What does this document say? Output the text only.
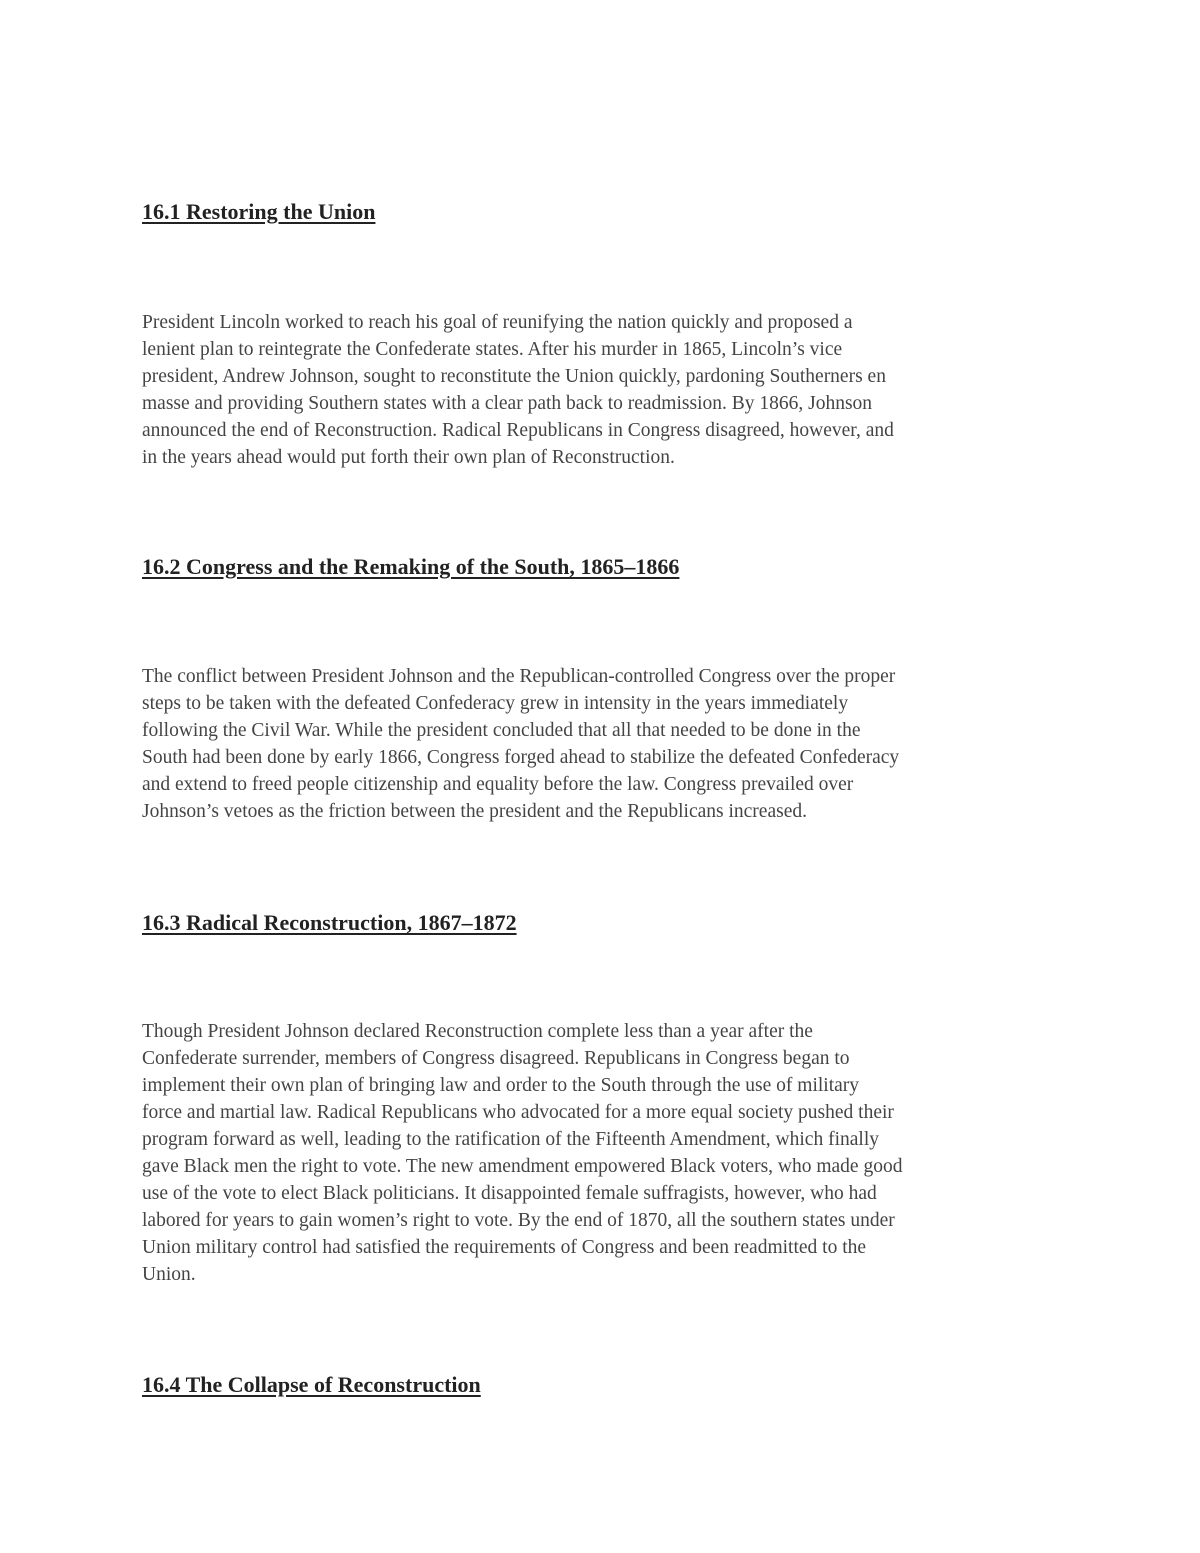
16.1 Restoring the Union
President Lincoln worked to reach his goal of reunifying the nation quickly and proposed a
lenient plan to reintegrate the Confederate states. After his murder in 1865, Lincoln’s vice
president, Andrew Johnson, sought to reconstitute the Union quickly, pardoning Southerners en
masse and providing Southern states with a clear path back to readmission. By 1866, Johnson
announced the end of Reconstruction. Radical Republicans in Congress disagreed, however, and
in the years ahead would put forth their own plan of Reconstruction.
16.2 Congress and the Remaking of the South, 1865–1866
The conflict between President Johnson and the Republican-controlled Congress over the proper
steps to be taken with the defeated Confederacy grew in intensity in the years immediately
following the Civil War. While the president concluded that all that needed to be done in the
South had been done by early 1866, Congress forged ahead to stabilize the defeated Confederacy
and extend to freed people citizenship and equality before the law. Congress prevailed over
Johnson’s vetoes as the friction between the president and the Republicans increased.
16.3 Radical Reconstruction, 1867–1872
Though President Johnson declared Reconstruction complete less than a year after the
Confederate surrender, members of Congress disagreed. Republicans in Congress began to
implement their own plan of bringing law and order to the South through the use of military
force and martial law. Radical Republicans who advocated for a more equal society pushed their
program forward as well, leading to the ratification of the Fifteenth Amendment, which finally
gave Black men the right to vote. The new amendment empowered Black voters, who made good
use of the vote to elect Black politicians. It disappointed female suffragists, however, who had
labored for years to gain women’s right to vote. By the end of 1870, all the southern states under
Union military control had satisfied the requirements of Congress and been readmitted to the
Union.
16.4 The Collapse of Reconstruction
